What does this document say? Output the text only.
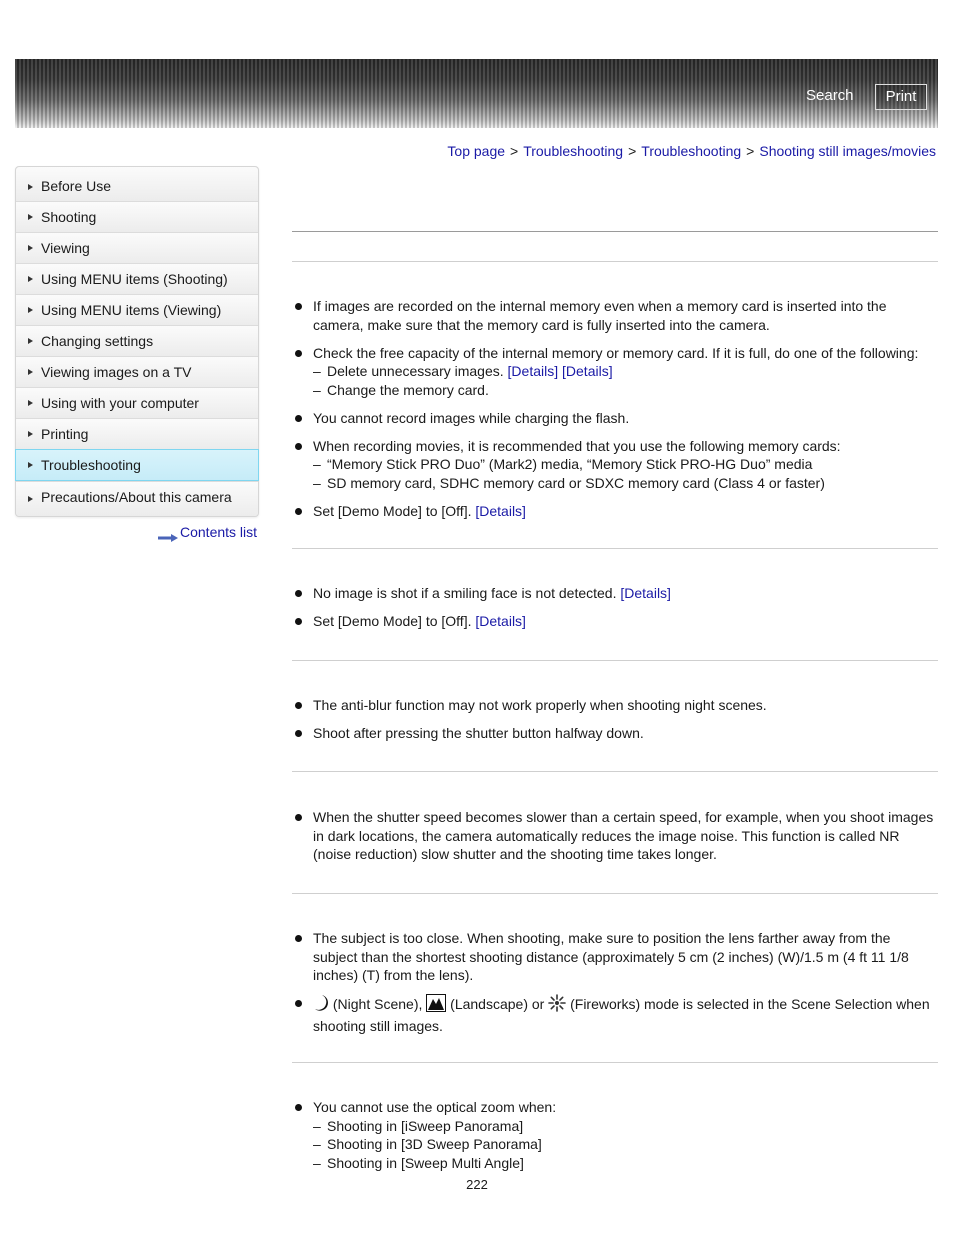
Search	Print
Top page > Troubleshooting > Troubleshooting > Shooting still images/movies
Before Use
Shooting
Viewing
Using MENU items (Shooting)
Using MENU items (Viewing)
Changing settings
Viewing images on a TV
Using with your computer
Printing
Troubleshooting
Precautions/About this camera
Contents list
If images are recorded on the internal memory even when a memory card is inserted into the camera, make sure that the memory card is fully inserted into the camera.
Check the free capacity of the internal memory or memory card. If it is full, do one of the following:
– Delete unnecessary images. [Details] [Details]
– Change the memory card.
You cannot record images while charging the flash.
When recording movies, it is recommended that you use the following memory cards:
– “Memory Stick PRO Duo” (Mark2) media, “Memory Stick PRO-HG Duo” media
– SD memory card, SDHC memory card or SDXC memory card (Class 4 or faster)
Set [Demo Mode] to [Off]. [Details]
No image is shot if a smiling face is not detected. [Details]
Set [Demo Mode] to [Off]. [Details]
The anti-blur function may not work properly when shooting night scenes.
Shoot after pressing the shutter button halfway down.
When the shutter speed becomes slower than a certain speed, for example, when you shoot images in dark locations, the camera automatically reduces the image noise. This function is called NR (noise reduction) slow shutter and the shooting time takes longer.
The subject is too close. When shooting, make sure to position the lens farther away from the subject than the shortest shooting distance (approximately 5 cm (2 inches) (W)/1.5 m (4 ft 11 1/8 inches) (T) from the lens).
(Night Scene), (Landscape) or (Fireworks) mode is selected in the Scene Selection when shooting still images.
You cannot use the optical zoom when:
– Shooting in [iSweep Panorama]
– Shooting in [3D Sweep Panorama]
– Shooting in [Sweep Multi Angle]
222
